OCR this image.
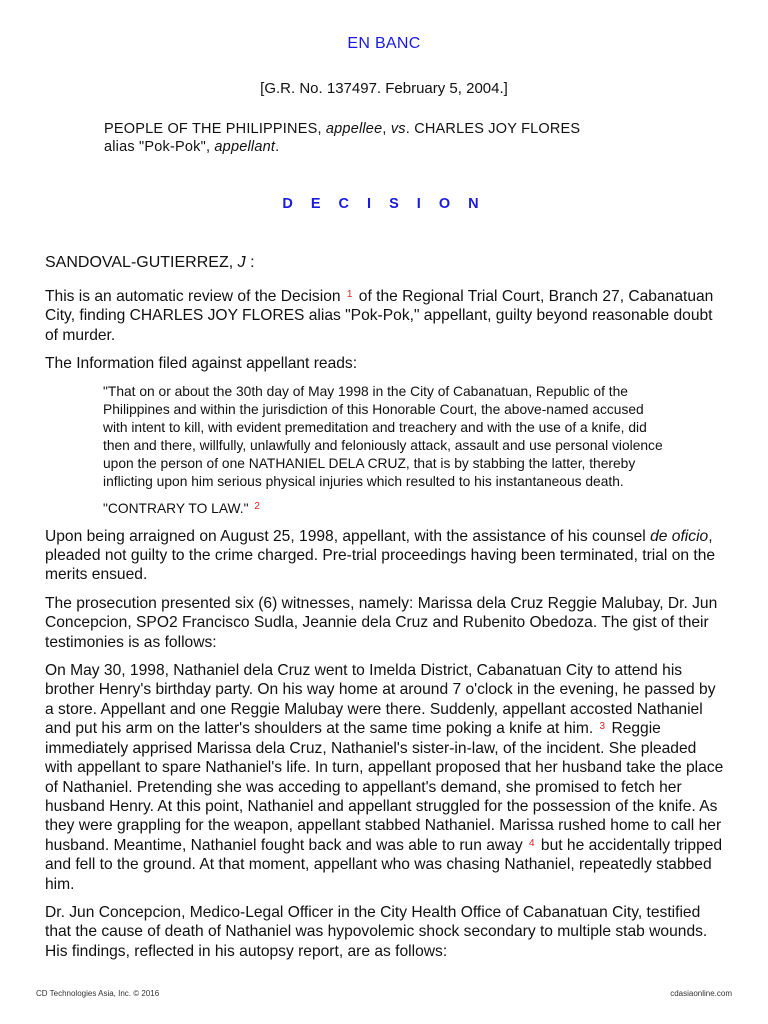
EN BANC
[G.R. No. 137497. February 5, 2004.]
PEOPLE OF THE PHILIPPINES, appellee, vs. CHARLES JOY FLORES
alias "Pok-Pok", appellant.
D E C I S I O N
SANDOVAL-GUTIERREZ, J :

This is an automatic review of the Decision $^1$ of the Regional Trial Court, Branch 27, Cabanatuan City, finding CHARLES JOY FLORES alias "Pok-Pok," appellant, guilty beyond reasonable doubt of murder.

The Information filed against appellant reads:

"That on or about the 30th day of May 1998 in the City of Cabanatuan, Republic of the Philippines and within the jurisdiction of this Honorable Court, the above-named accused with intent to kill, with evident premeditation and treachery and with the use of a knife, did then and there, willfully, unlawfully and feloniously attack, assault and use personal violence upon the person of one NATHANIEL DELA CRUZ, that is by stabbing the latter, thereby inflicting upon him serious physical injuries which resulted to his instantaneous death.

"CONTRARY TO LAW." $^2$

Upon being arraigned on August 25, 1998, appellant, with the assistance of his counsel de oficio, pleaded not guilty to the crime charged. Pre-trial proceedings having been terminated, trial on the merits ensued.

The prosecution presented six (6) witnesses, namely: Marissa dela Cruz Reggie Malubay, Dr. Jun Concepcion, SPO2 Francisco Sudla, Jeannie dela Cruz and Rubenito Obedoza. The gist of their testimonies is as follows:

On May 30, 1998, Nathaniel dela Cruz went to Imelda District, Cabanatuan City to attend his brother Henry's birthday party. On his way home at around 7 o'clock in the evening, he passed by a store. Appellant and one Reggie Malubay were there. Suddenly, appellant accosted Nathaniel and put his arm on the latter's shoulders at the same time poking a knife at him. $^3$ Reggie immediately apprised Marissa dela Cruz, Nathaniel's sister-in-law, of the incident. She pleaded with appellant to spare Nathaniel's life. In turn, appellant proposed that her husband take the place of Nathaniel. Pretending she was acceding to appellant's demand, she promised to fetch her husband Henry. At this point, Nathaniel and appellant struggled for the possession of the knife. As they were grappling for the weapon, appellant stabbed Nathaniel. Marissa rushed home to call her husband. Meantime, Nathaniel fought back and was able to run away $^4$ but he accidentally tripped and fell to the ground. At that moment, appellant who was chasing Nathaniel, repeatedly stabbed him.

Dr. Jun Concepcion, Medico-Legal Officer in the City Health Office of Cabanatuan City, testified that the cause of death of Nathaniel was hypovolemic shock secondary to multiple stab wounds. His findings, reflected in his autopsy report, are as follows:

CD Technologies Asia, Inc. © 2016	cdasiaonline.com
